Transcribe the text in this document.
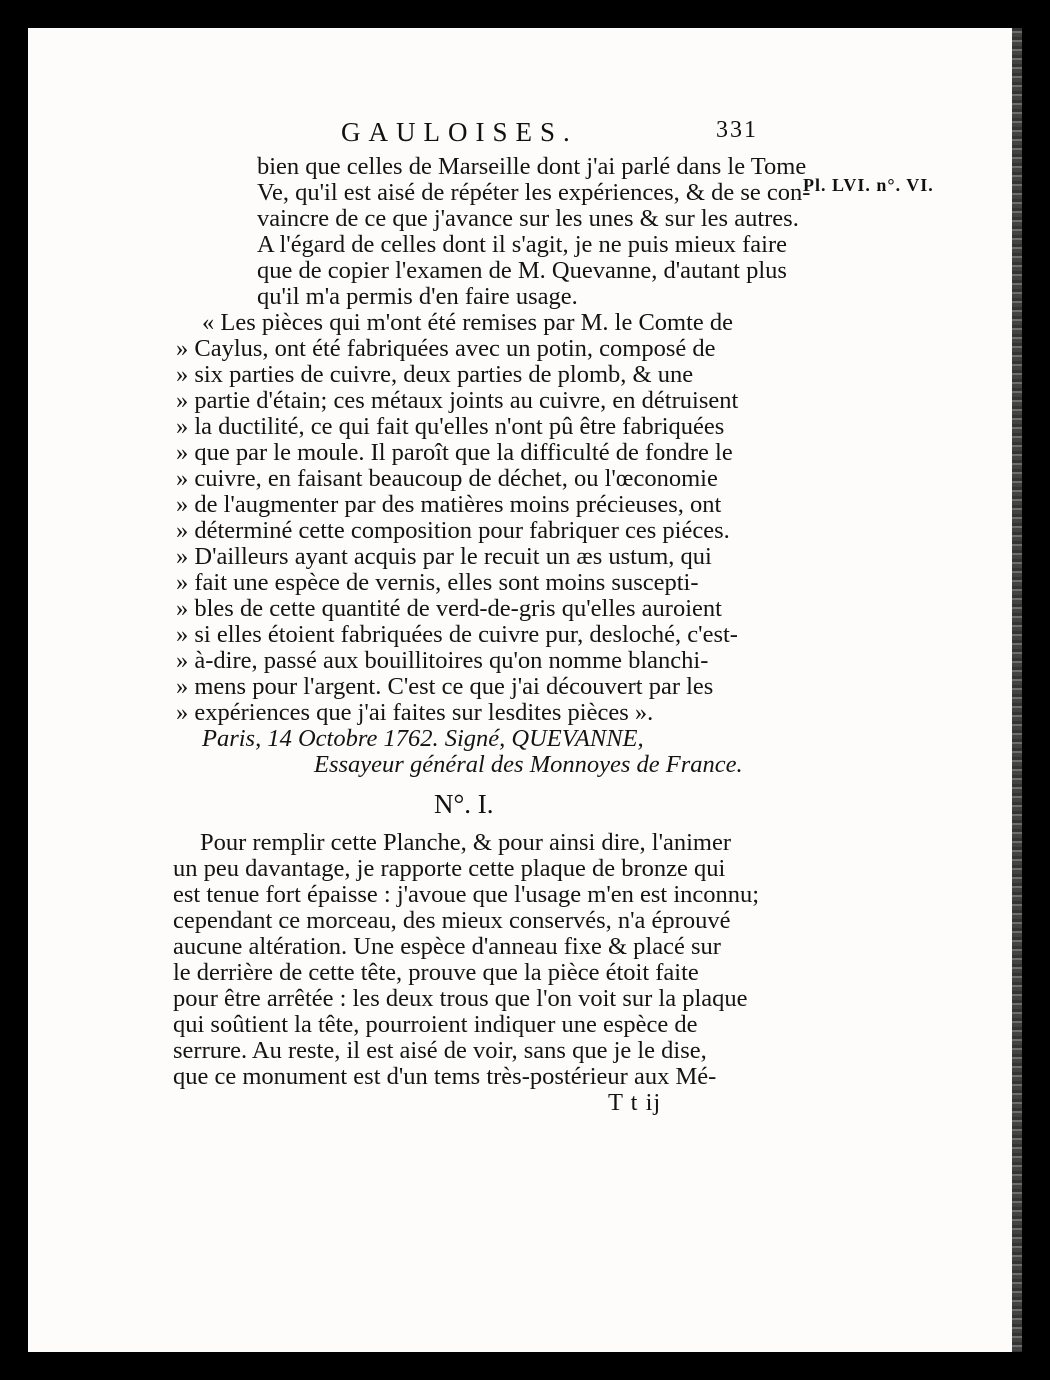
GAULOISES.	331
Pl. LVI. n°. VI.
bien que celles de Marseille dont j'ai parlé dans le Tome
Ve, qu'il est aisé de répéter les expériences, & de se con-
vaincre de ce que j'avance sur les unes & sur les autres.
A l'égard de celles dont il s'agit, je ne puis mieux faire
que de copier l'examen de M. Quevanne, d'autant plus
qu'il m'a permis d'en faire usage.
« Les pièces qui m'ont été remises par M. le Comte de
» Caylus, ont été fabriquées avec un potin, composé de
» six parties de cuivre, deux parties de plomb, & une
» partie d'étain; ces métaux joints au cuivre, en détruisent
» la ductilité, ce qui fait qu'elles n'ont pû être fabriquées
» que par le moule. Il paroît que la difficulté de fondre le
» cuivre, en faisant beaucoup de déchet, ou l'œconomie
» de l'augmenter par des matières moins précieuses, ont
» déterminé cette composition pour fabriquer ces piéces.
» D'ailleurs ayant acquis par le recuit un æs ustum, qui
» fait une espèce de vernis, elles sont moins suscepti-
» bles de cette quantité de verd-de-gris qu'elles auroient
» si elles étoient fabriquées de cuivre pur, desloché, c'est-
» à-dire, passé aux bouillitoires qu'on nomme blanchi-
» mens pour l'argent. C'est ce que j'ai découvert par les
» expériences que j'ai faites sur lesdites pièces ».
Paris, 14 Octobre 1762. Signé, QUEVANNE,
Essayeur général des Monnoyes de France.
N°. I.
Pour remplir cette Planche, & pour ainsi dire, l'animer
un peu davantage, je rapporte cette plaque de bronze qui
est tenue fort épaisse : j'avoue que l'usage m'en est inconnu;
cependant ce morceau, des mieux conservés, n'a éprouvé
aucune altération. Une espèce d'anneau fixe & placé sur
le derrière de cette tête, prouve que la pièce étoit faite
pour être arrêtée : les deux trous que l'on voit sur la plaque
qui soûtient la tête, pourroient indiquer une espèce de
serrure. Au reste, il est aisé de voir, sans que je le dise,
que ce monument est d'un tems très-postérieur aux Mé-
T t ij
